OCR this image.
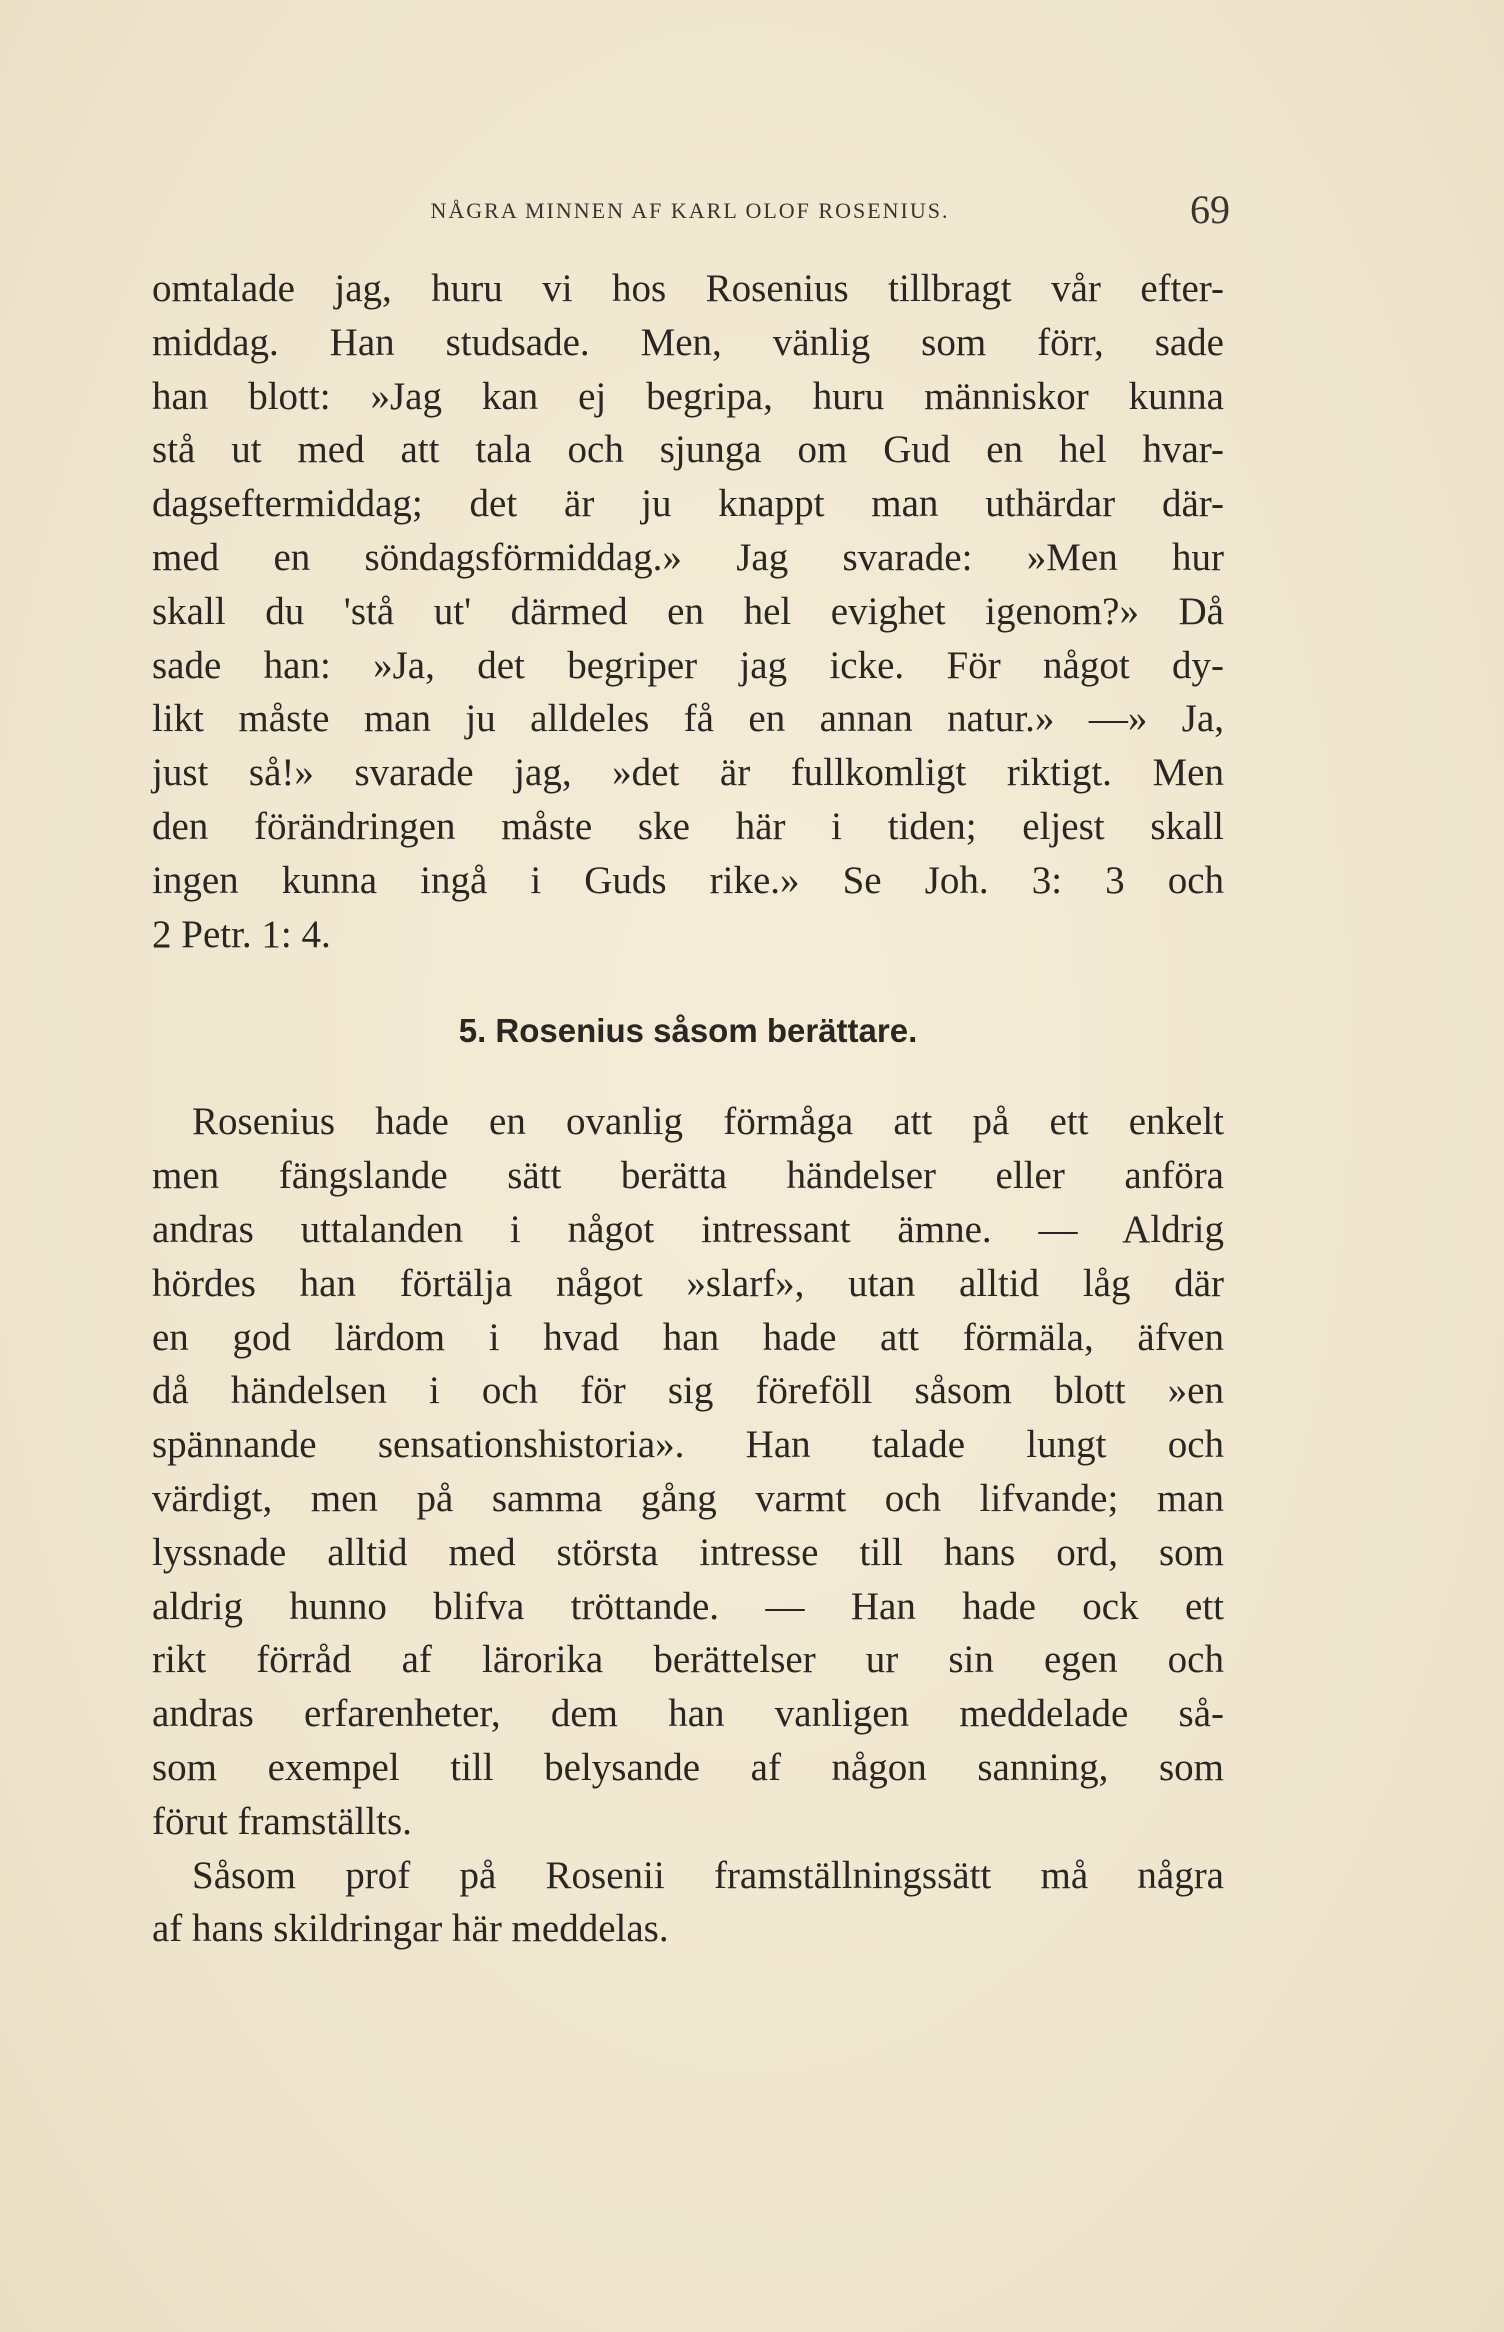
NÅGRA MINNEN AF KARL OLOF ROSENIUS.	69
omtalade jag, huru vi hos Rosenius tillbragt vår efter-
middag. Han studsade. Men, vänlig som förr, sade
han blott: »Jag kan ej begripa, huru människor kunna
stå ut med att tala och sjunga om Gud en hel hvar-
dagseftermiddag; det är ju knappt man uthärdar där-
med en söndagsförmiddag.» Jag svarade: »Men hur
skall du 'stå ut' därmed en hel evighet igenom?» Då
sade han: »Ja, det begriper jag icke. För något dy-
likt måste man ju alldeles få en annan natur.» —» Ja,
just så!» svarade jag, »det är fullkomligt riktigt. Men
den förändringen måste ske här i tiden; eljest skall
ingen kunna ingå i Guds rike.» Se Joh. 3: 3 och
2 Petr. 1: 4.
5. Rosenius såsom berättare.
Rosenius hade en ovanlig förmåga att på ett enkelt
men fängslande sätt berätta händelser eller anföra
andras uttalanden i något intressant ämne. — Aldrig
hördes han förtälja något »slarf», utan alltid låg där
en god lärdom i hvad han hade att förmäla, äfven
då händelsen i och för sig föreföll såsom blott »en
spännande sensationshistoria». Han talade lungt och
värdigt, men på samma gång varmt och lifvande; man
lyssnade alltid med största intresse till hans ord, som
aldrig hunno blifva tröttande. — Han hade ock ett
rikt förråd af lärorika berättelser ur sin egen och
andras erfarenheter, dem han vanligen meddelade så-
som exempel till belysande af någon sanning, som
förut framställts.
Såsom prof på Rosenii framställningssätt må några
af hans skildringar här meddelas.
